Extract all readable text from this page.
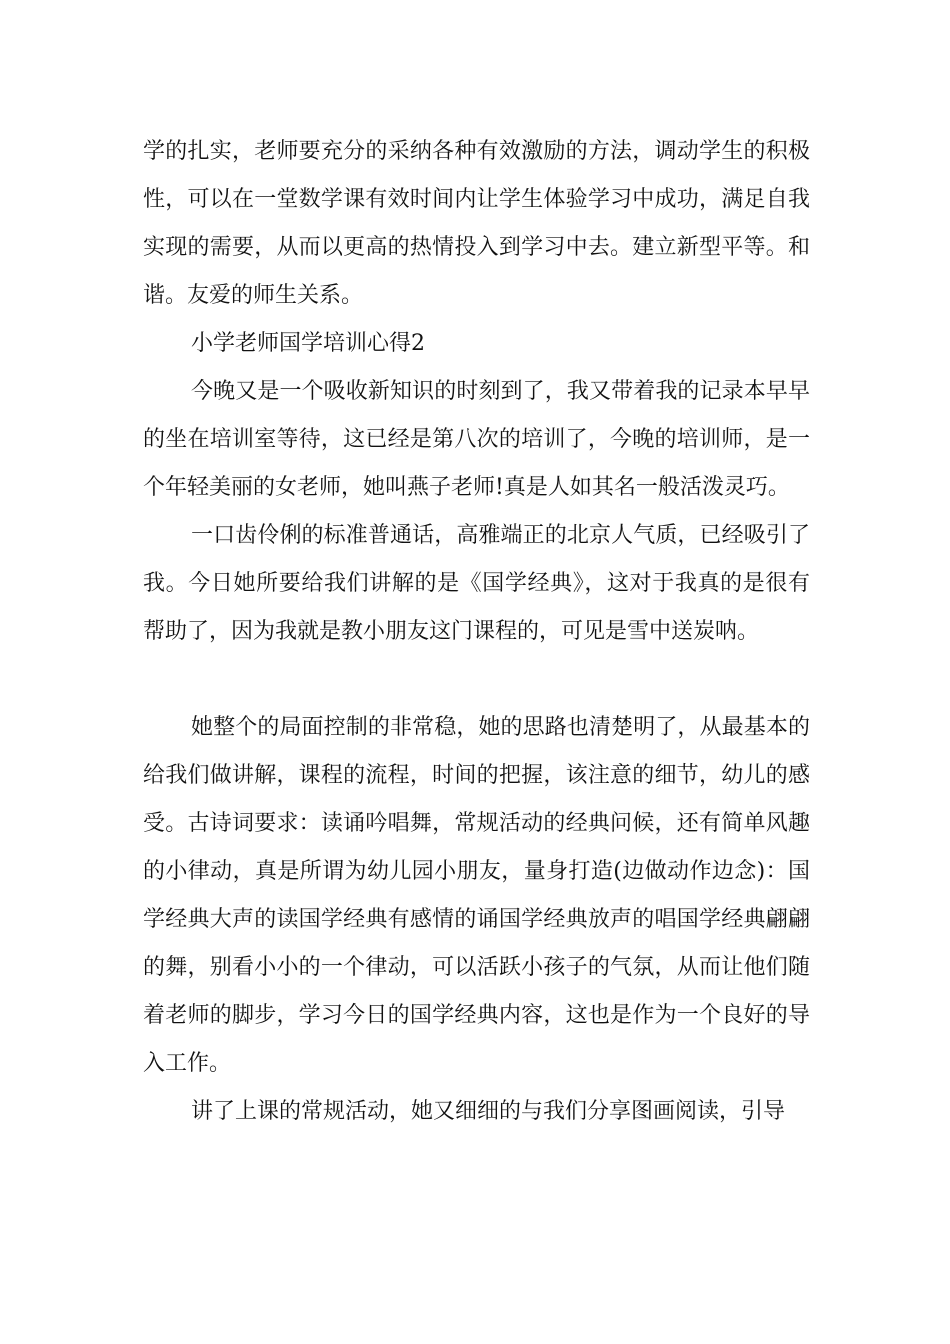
学的扎实，老师要充分的采纳各种有效激励的方法，调动学生的积极性，可以在一堂数学课有效时间内让学生体验学习中成功，满足自我实现的需要，从而以更高的热情投入到学习中去。建立新型平等。和谐。友爱的师生关系。

小学老师国学培训心得2

今晚又是一个吸收新知识的时刻到了，我又带着我的记录本早早的坐在培训室等待，这已经是第八次的培训了，今晚的培训师，是一个年轻美丽的女老师，她叫燕子老师!真是人如其名一般活泼灵巧。

一口齿伶俐的标准普通话，高雅端正的北京人气质，已经吸引了我。今日她所要给我们讲解的是《国学经典》，这对于我真的是很有帮助了，因为我就是教小朋友这门课程的，可见是雪中送炭呐。

她整个的局面控制的非常稳，她的思路也清楚明了，从最基本的给我们做讲解，课程的流程，时间的把握，该注意的细节，幼儿的感受。古诗词要求：读诵吟唱舞，常规活动的经典问候，还有简单风趣的小律动，真是所谓为幼儿园小朋友，量身打造(边做动作边念)：国学经典大声的读国学经典有感情的诵国学经典放声的唱国学经典翩翩的舞，别看小小的一个律动，可以活跃小孩子的气氛，从而让他们随着老师的脚步，学习今日的国学经典内容，这也是作为一个良好的导入工作。

讲了上课的常规活动，她又细细的与我们分享图画阅读，引导
